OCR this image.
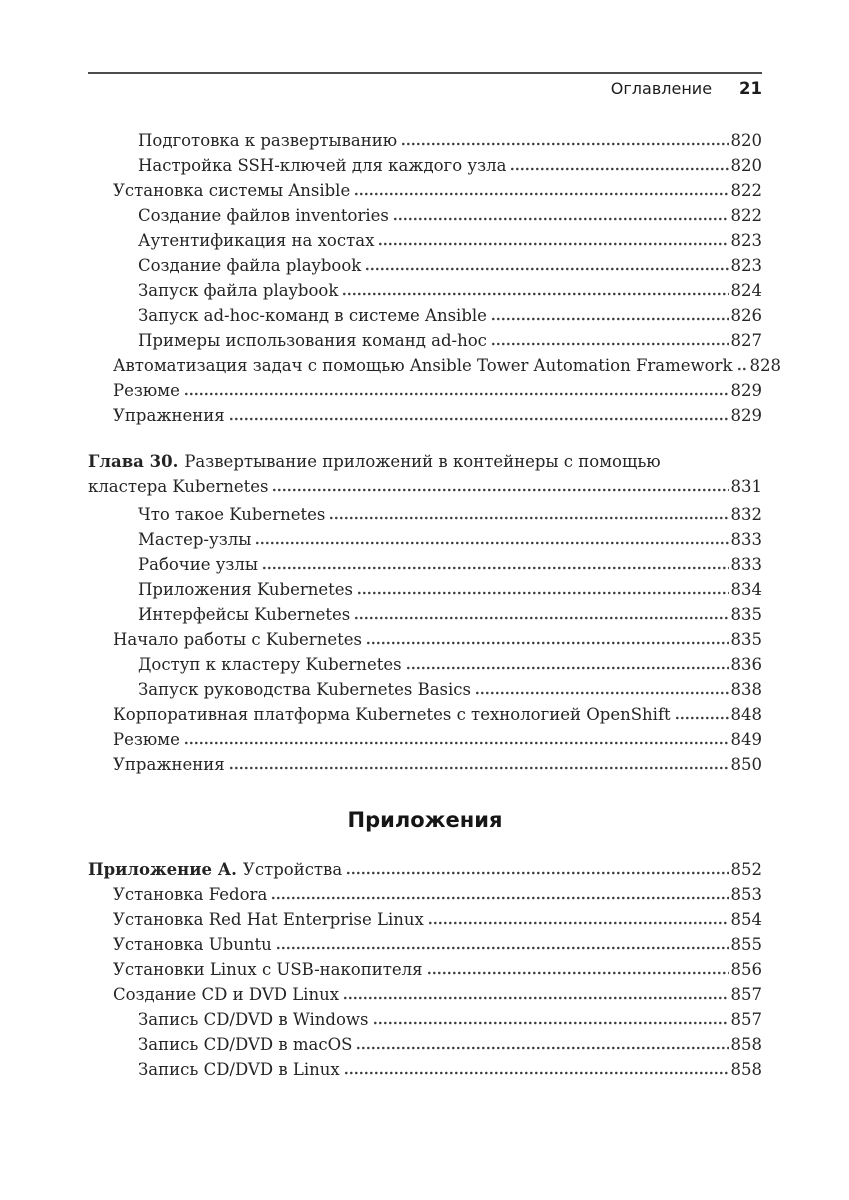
Оглавление 21
Подготовка к развертыванию	820
Настройка SSH-ключей для каждого узла	820
Установка системы Ansible	822
Создание файлов inventories	822
Аутентификация на хостах	823
Создание файла playbook	823
Запуск файла playbook	824
Запуск ad-hoc-команд в системе Ansible	826
Примеры использования команд ad-hoc	827
Автоматизация задач с помощью Ansible Tower Automation Framework 828
Резюме	829
Упражнения	829
Глава 30. Развертывание приложений в контейнеры с помощью
кластера Kubernetes	831
Что такое Kubernetes	832
Мастер-узлы	833
Рабочие узлы	833
Приложения Kubernetes	834
Интерфейсы Kubernetes	835
Начало работы с Kubernetes	835
Доступ к кластеру Kubernetes	836
Запуск руководства Kubernetes Basics	838
Корпоративная платформа Kubernetes с технологией OpenShift	848
Резюме	849
Упражнения	850
Приложения
Приложение А. Устройства	852
Установка Fedora	853
Установка Red Hat Enterprise Linux	854
Установка Ubuntu	855
Установки Linux с USB-накопителя	856
Создание CD и DVD Linux	857
Запись CD/DVD в Windows	857
Запись CD/DVD в macOS	858
Запись CD/DVD в Linux	858
